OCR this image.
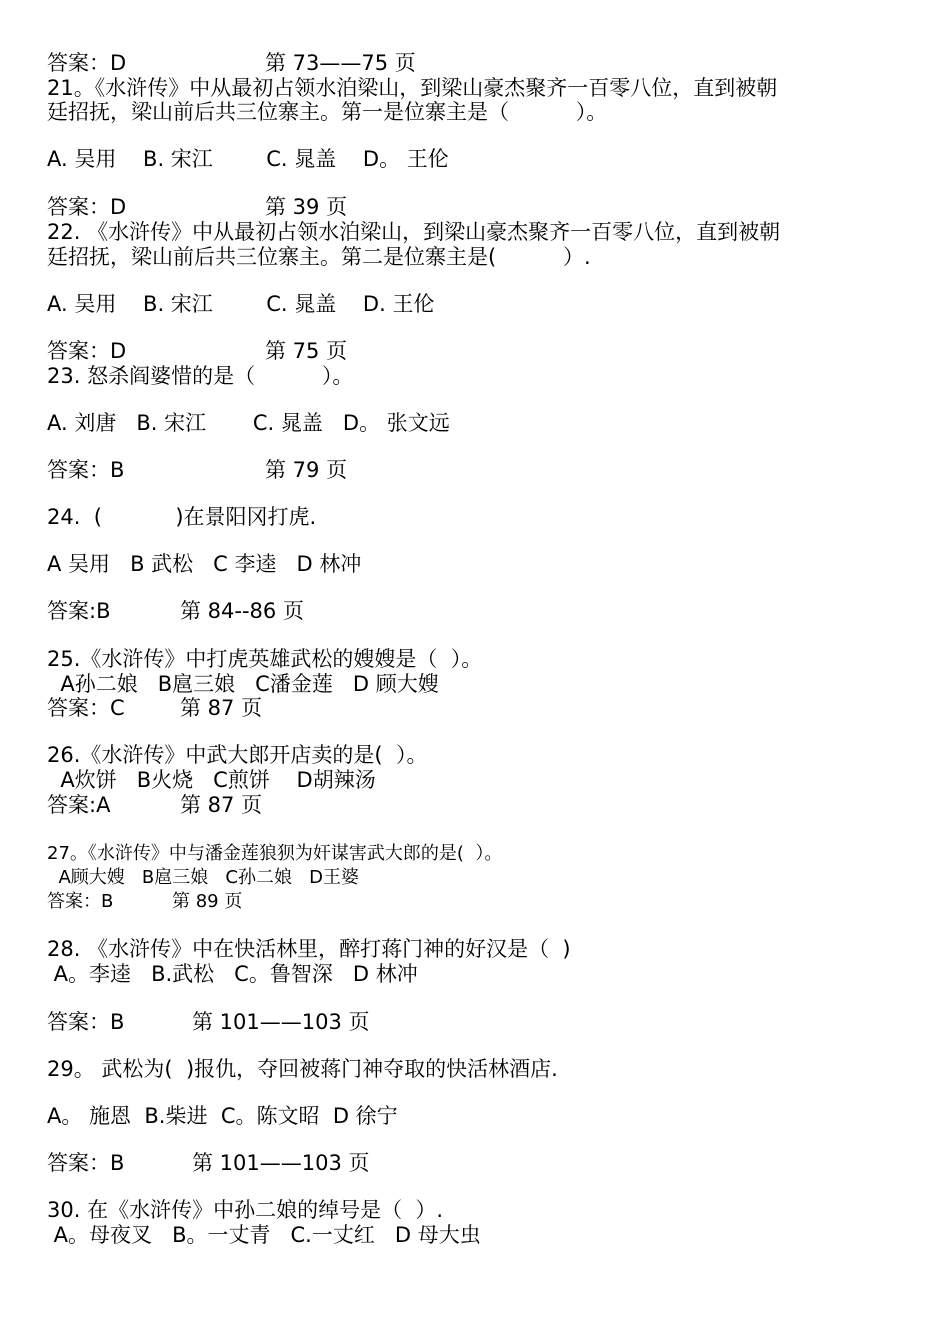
答案：D	第 73——75 页
21。《水浒传》中从最初占领水泊梁山，到梁山豪杰聚齐一百零八位，直到被朝
廷招抚，梁山前后共三位寨主。第一是位寨主是（          ）。
A. 吴用    B. 宋江        C. 晁盖    D。 王伦
答案：D	第 39 页
22. 《水浒传》中从最初占领水泊梁山，到梁山豪杰聚齐一百零八位，直到被朝
廷招抚，梁山前后共三位寨主。第二是位寨主是(          ）.
A. 吴用    B. 宋江        C. 晁盖    D. 王伦
答案：D	第 75 页
23. 怒杀阎婆惜的是（          ）。
A. 刘唐   B. 宋江       C. 晁盖   D。 张文远
答案：B	第 79 页
24.  (           )在景阳冈打虎.
A 吴用   B 武松   C 李逵   D 林冲
答案:B	第 84--86 页
25.《水浒传》中打虎英雄武松的嫂嫂是（  ）。
A孙二娘   B扈三娘   C潘金莲   D 顾大嫂
答案：C	第 87 页
26.《水浒传》中武大郎开店卖的是(  ）。
A炊饼   B火烧   C煎饼    D胡辣汤
答案:A	第 87 页
27。《水浒传》中与潘金莲狼狈为奸谋害武大郎的是(  ）。
A顾大嫂   B扈三娘   C孙二娘   D王婆
答案：B	第 89 页
28. 《水浒传》中在快活林里，醉打蒋门神的好汉是（  )
A。李逵   B.武松   C。鲁智深   D 林冲
答案：B	第 101——103 页
29。 武松为(  )报仇，夺回被蒋门神夺取的快活林酒店.
A。 施恩  B.柴进  C。陈文昭  D 徐宁
答案：B	第 101——103 页
30. 在《水浒传》中孙二娘的绰号是（  ）.
A。母夜叉   B。一丈青   C.一丈红   D 母大虫
